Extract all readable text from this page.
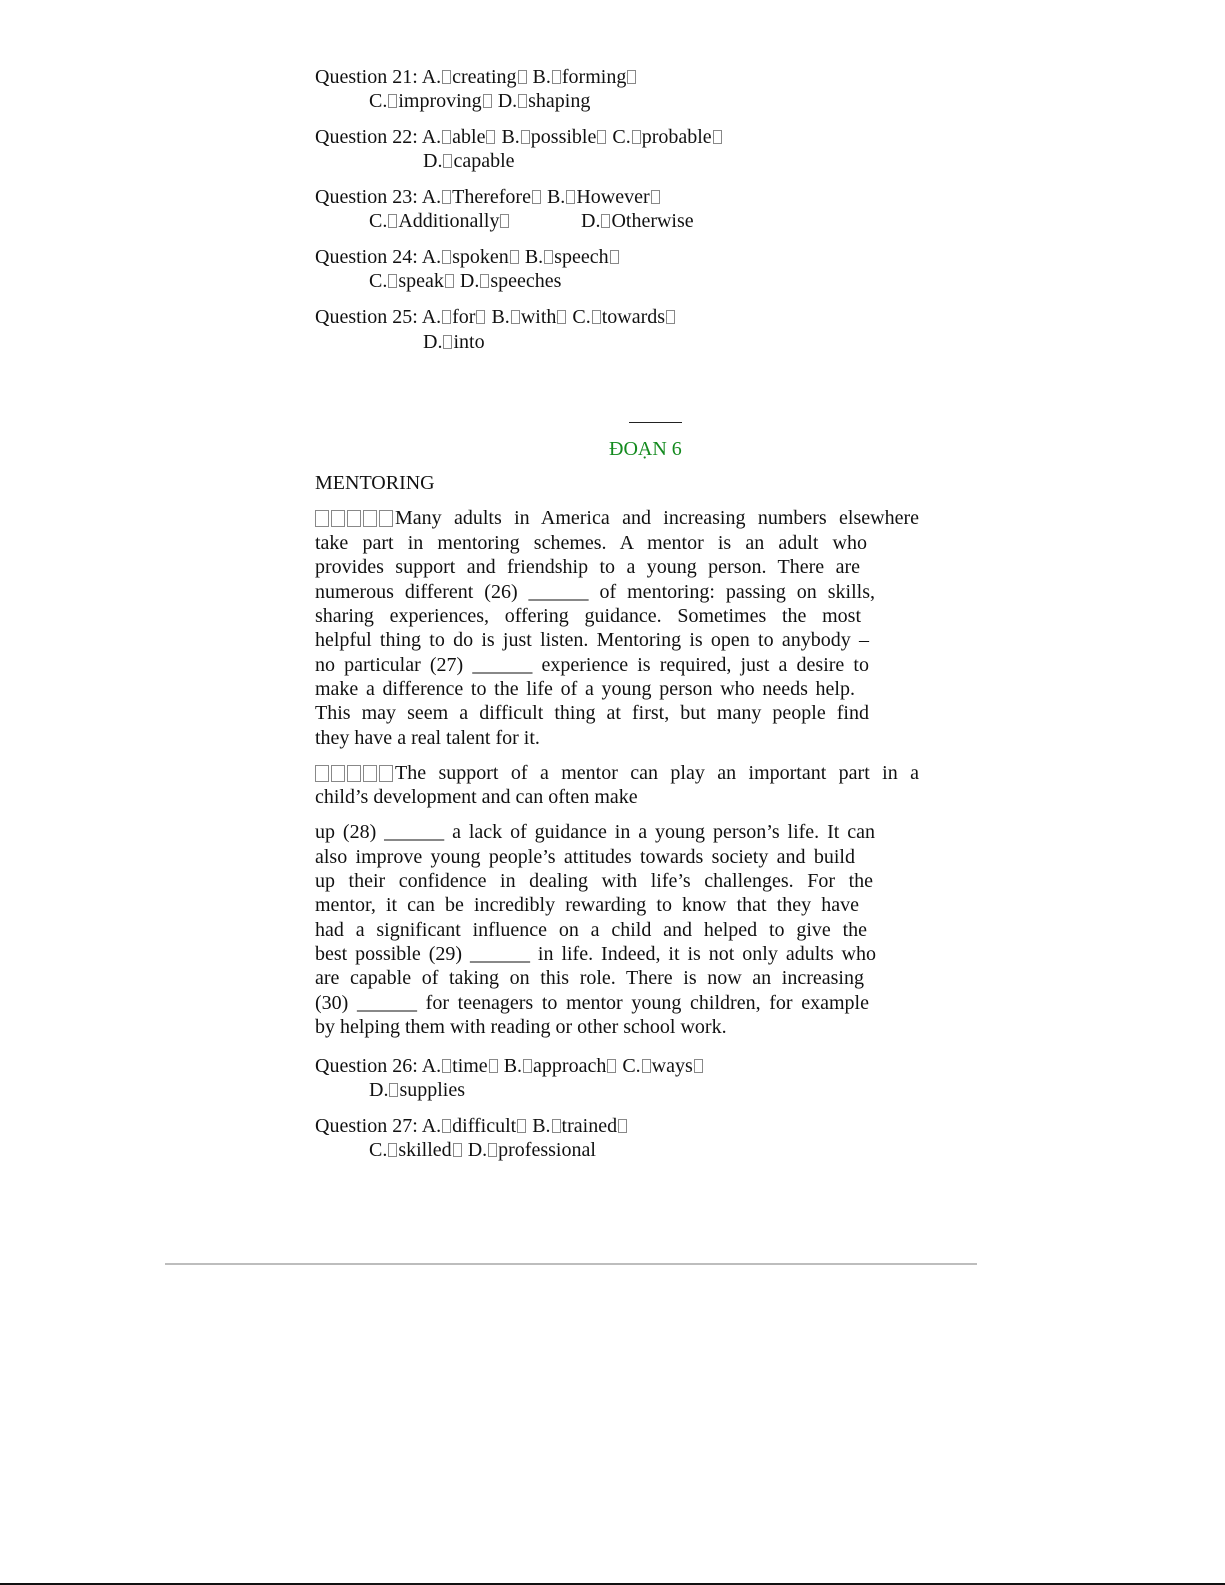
Question 21: A. creating B. forming
C. improving D. shaping
Question 22: A. able B. possible C. probable
D. capable
Question 23: A. Therefore B. However
C. Additionally	D. Otherwise
Question 24: A. spoken B. speech
C. speak D. speeches
Question 25: A. for B. with C. towards
D. into
ĐOẠN 6
MENTORING
Many adults in America and increasing numbers elsewhere
take part in mentoring schemes. A mentor is an adult who
provides support and friendship to a young person. There are
numerous different (26) ______ of mentoring: passing on skills,
sharing experiences, offering guidance. Sometimes the most
helpful thing to do is just listen. Mentoring is open to anybody –
no particular (27) ______ experience is required, just a desire to
make a difference to the life of a young person who needs help.
This may seem a difficult thing at first, but many people find
they have a real talent for it.
The support of a mentor can play an important part in a
child’s development and can often make
up (28) ______ a lack of guidance in a young person’s life. It can
also improve young people’s attitudes towards society and build
up their confidence in dealing with life’s challenges. For the
mentor, it can be incredibly rewarding to know that they have
had a significant influence on a child and helped to give the
best possible (29) ______ in life. Indeed, it is not only adults who
are capable of taking on this role. There is now an increasing
(30) ______ for teenagers to mentor young children, for example
by helping them with reading or other school work.
Question 26: A. time B. approach C. ways
D. supplies
Question 27: A. difficult B. trained
C. skilled D. professional
